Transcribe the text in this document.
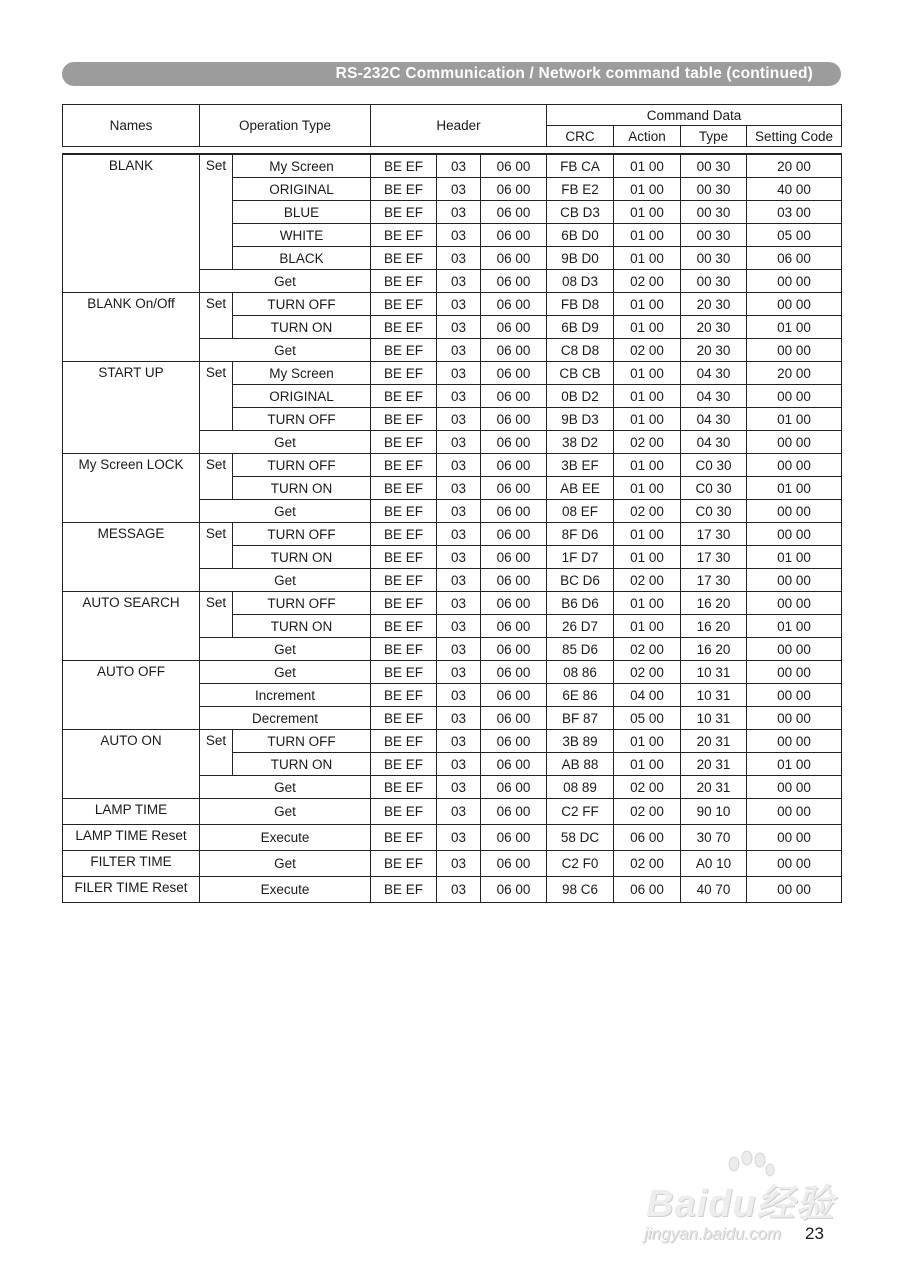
RS-232C Communication / Network command table (continued)
Names	Operation Type		Header			Command Data			
						CRC	Action	Type	Setting Code

BLANK	Set	My Screen	BE EF	03	06 00	FB CA	01 00	00 30	20 00
		ORIGINAL	BE EF	03	06 00	FB E2	01 00	00 30	40 00
		BLUE	BE EF	03	06 00	CB D3	01 00	00 30	03 00
		WHITE	BE EF	03	06 00	6B D0	01 00	00 30	05 00
		BLACK	BE EF	03	06 00	9B D0	01 00	00 30	06 00
	Get		BE EF	03	06 00	08 D3	02 00	00 30	00 00
BLANK On/Off	Set	TURN OFF	BE EF	03	06 00	FB D8	01 00	20 30	00 00
		TURN ON	BE EF	03	06 00	6B D9	01 00	20 30	01 00
	Get		BE EF	03	06 00	C8 D8	02 00	20 30	00 00
START UP	Set	My Screen	BE EF	03	06 00	CB CB	01 00	04 30	20 00
		ORIGINAL	BE EF	03	06 00	0B D2	01 00	04 30	00 00
		TURN OFF	BE EF	03	06 00	9B D3	01 00	04 30	01 00
	Get		BE EF	03	06 00	38 D2	02 00	04 30	00 00
My Screen LOCK	Set	TURN OFF	BE EF	03	06 00	3B EF	01 00	C0 30	00 00
		TURN ON	BE EF	03	06 00	AB EE	01 00	C0 30	01 00
	Get		BE EF	03	06 00	08 EF	02 00	C0 30	00 00
MESSAGE	Set	TURN OFF	BE EF	03	06 00	8F D6	01 00	17 30	00 00
		TURN ON	BE EF	03	06 00	1F D7	01 00	17 30	01 00
	Get		BE EF	03	06 00	BC D6	02 00	17 30	00 00
AUTO SEARCH	Set	TURN OFF	BE EF	03	06 00	B6 D6	01 00	16 20	00 00
		TURN ON	BE EF	03	06 00	26 D7	01 00	16 20	01 00
	Get		BE EF	03	06 00	85 D6	02 00	16 20	00 00
AUTO OFF	Get		BE EF	03	06 00	08 86	02 00	10 31	00 00
	Increment		BE EF	03	06 00	6E 86	04 00	10 31	00 00
	Decrement		BE EF	03	06 00	BF 87	05 00	10 31	00 00
AUTO ON	Set	TURN OFF	BE EF	03	06 00	3B 89	01 00	20 31	00 00
		TURN ON	BE EF	03	06 00	AB 88	01 00	20 31	01 00
	Get		BE EF	03	06 00	08 89	02 00	20 31	00 00
LAMP TIME	Get		BE EF	03	06 00	C2 FF	02 00	90 10	00 00
LAMP TIME Reset	Execute		BE EF	03	06 00	58 DC	06 00	30 70	00 00
FILTER TIME	Get		BE EF	03	06 00	C2 F0	02 00	A0 10	00 00
FILER TIME Reset	Execute		BE EF	03	06 00	98 C6	06 00	40 70	00 00
Baidu经验
jingyan.baidu.com 23
